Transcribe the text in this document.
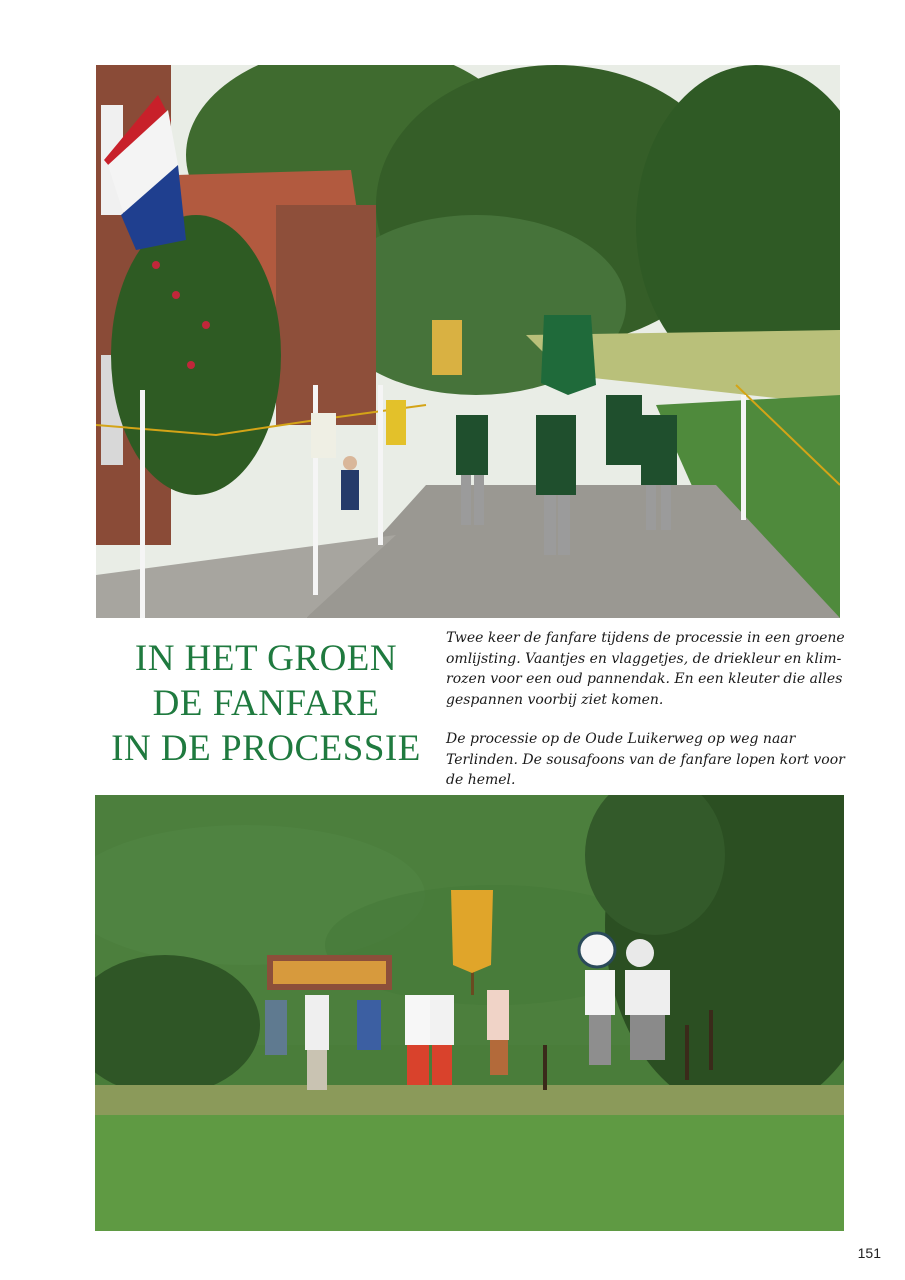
IN HET GROEN
DE FANFARE
IN DE PROCESSIE
Twee keer de fanfare tijdens de processie in een groene
omlijsting. Vaantjes en vlaggetjes, de driekleur en klim-
rozen voor een oud pannendak. En een kleuter die alles
gespannen voorbij ziet komen.
De processie op de Oude Luikerweg op weg naar
Terlinden. De sousafoons van de fanfare lopen kort voor
de hemel.
151
